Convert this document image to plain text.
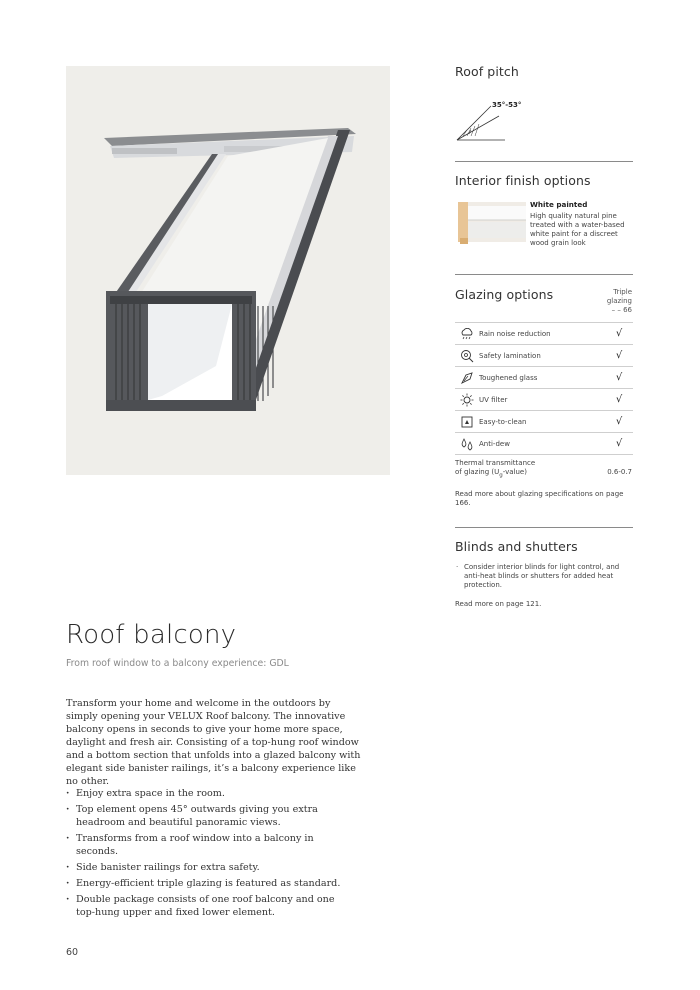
Roof pitch
35°-53°
Interior finish options
White painted
High quality natural pine treated with a water-based white paint for a discreet wood grain look
Glazing options	Triple
glazing
– – 66
Rain noise reduction	√
Safety lamination	√
Toughened glass	√
UV filter	√
Easy-to-clean	√
Anti-dew	√
Thermal transmittance
of glazing $(U_g-value)$	0.6-0.7
Read more about glazing specifications on page 166.
Blinds and shutters
· Consider interior blinds for light control, and anti-heat blinds or shutters for added heat protection.
Read more on page 121.
Roof balcony
From roof window to a balcony experience: GDL
Transform your home and welcome in the outdoors by simply opening your VELUX Roof balcony. The innovative balcony opens in seconds to give your home more space, daylight and fresh air. Consisting of a top-hung roof window and a bottom section that unfolds into a glazed balcony with elegant side banister railings, it’s a balcony experience like no other.
· Enjoy extra space in the room.
· Top element opens 45° outwards giving you extra headroom and beautiful panoramic views.
· Transforms from a roof window into a balcony in seconds.
· Side banister railings for extra safety.
· Energy-efficient triple glazing is featured as standard.
· Double package consists of one roof balcony and one top-hung upper and fixed lower element.
60
